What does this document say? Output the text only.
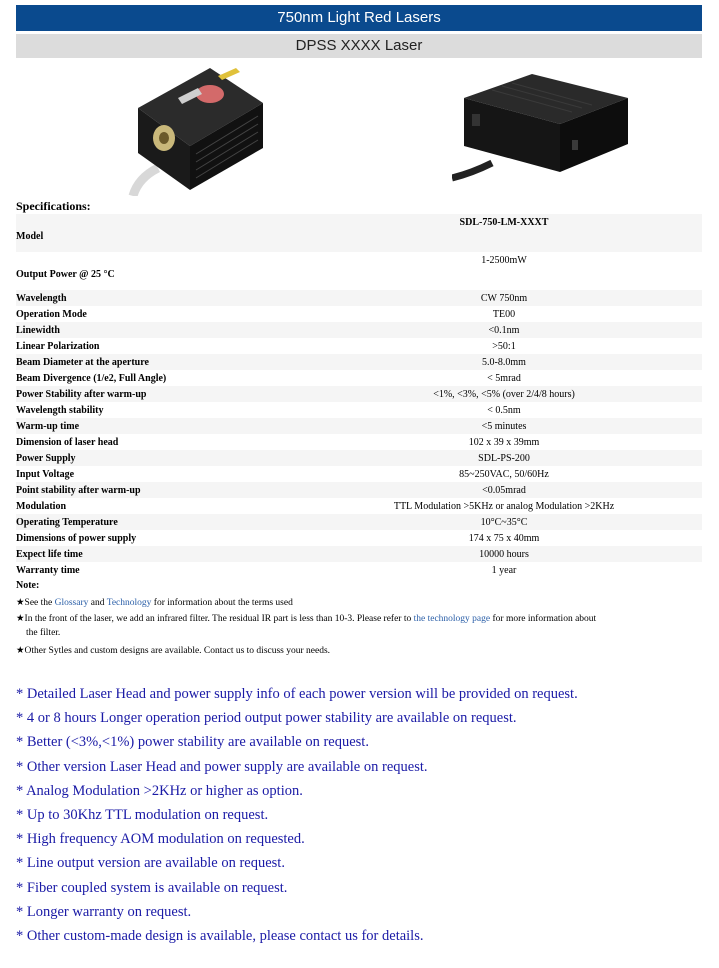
750nm Light Red Lasers
DPSS XXXX Laser
Specifications:
Model	SDL-750-LM-XXXT
Output Power @ 25 °C	1-2500mW
Wavelength	CW 750nm
Operation Mode	TE00
Linewidth	<0.1nm
Linear Polarization	>50:1
Beam Diameter at the aperture	5.0-8.0mm
Beam Divergence (1/e2, Full Angle)	< 5mrad
Power Stability after warm-up	<1%, <3%, <5% (over 2/4/8 hours)
Wavelength stability	< 0.5nm
Warm-up time	<5 minutes
Dimension of laser head	102 x 39 x 39mm
Power Supply	SDL-PS-200
Input Voltage	85~250VAC, 50/60Hz
Point stability after warm-up	<0.05mrad
Modulation	TTL Modulation >5KHz or analog Modulation >2KHz
Operating Temperature	10°C~35°C
Dimensions of power supply	174 x 75 x 40mm
Expect life time	10000 hours
Warranty time	1 year
Note:
★See the Glossary and Technology for information about the terms used
★In the front of the laser, we add an infrared filter. The residual IR part is less than 10-3. Please refer to the technology page for more information about
the filter.
★Other Sytles and custom designs are available. Contact us to discuss your needs.
* Detailed Laser Head and power supply info of each power version will be provided on request.
* 4 or 8 hours Longer operation period output power stability are available on request.
* Better (<3%,<1%) power stability are available on request.
* Other version Laser Head and power supply are available on request.
* Analog Modulation >2KHz or higher as option.
* Up to 30Khz TTL modulation on request.
* High frequency AOM modulation on requested.
* Line output version are available on request.
* Fiber coupled system is available on request.
* Longer warranty on request.
* Other custom-made design is available, please contact us for details.
